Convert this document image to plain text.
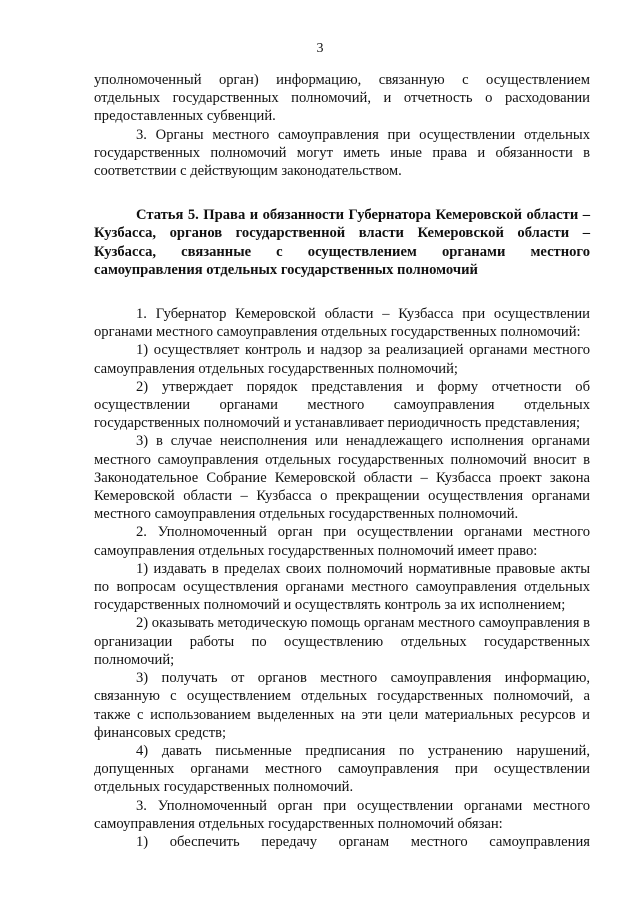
3

уполномоченный орган) информацию, связанную с осуществлением отдельных государственных полномочий, и отчетность о расходовании предоставленных субвенций.

3. Органы местного самоуправления при осуществлении отдельных государственных полномочий могут иметь иные права и обязанности в соответствии с действующим законодательством.

Статья 5. Права и обязанности Губернатора Кемеровской области – Кузбасса, органов государственной власти Кемеровской области – Кузбасса, связанные с осуществлением органами местного самоуправления отдельных государственных полномочий

1. Губернатор Кемеровской области – Кузбасса при осуществлении органами местного самоуправления отдельных государственных полномочий:

1) осуществляет контроль и надзор за реализацией органами местного самоуправления отдельных государственных полномочий;

2) утверждает порядок представления и форму отчетности об осуществлении органами местного самоуправления отдельных государственных полномочий и устанавливает периодичность представления;

3) в случае неисполнения или ненадлежащего исполнения органами местного самоуправления отдельных государственных полномочий вносит в Законодательное Собрание Кемеровской области – Кузбасса проект закона Кемеровской области – Кузбасса о прекращении осуществления органами местного самоуправления отдельных государственных полномочий.

2. Уполномоченный орган при осуществлении органами местного самоуправления отдельных государственных полномочий имеет право:

1) издавать в пределах своих полномочий нормативные правовые акты по вопросам осуществления органами местного самоуправления отдельных государственных полномочий и осуществлять контроль за их исполнением;

2) оказывать методическую помощь органам местного самоуправления в организации работы по осуществлению отдельных государственных полномочий;

3) получать от органов местного самоуправления информацию, связанную с осуществлением отдельных государственных полномочий, а также с использованием выделенных на эти цели материальных ресурсов и финансовых средств;

4) давать письменные предписания по устранению нарушений, допущенных органами местного самоуправления при осуществлении отдельных государственных полномочий.

3. Уполномоченный орган при осуществлении органами местного самоуправления отдельных государственных полномочий обязан:

1) обеспечить передачу органам местного самоуправления
